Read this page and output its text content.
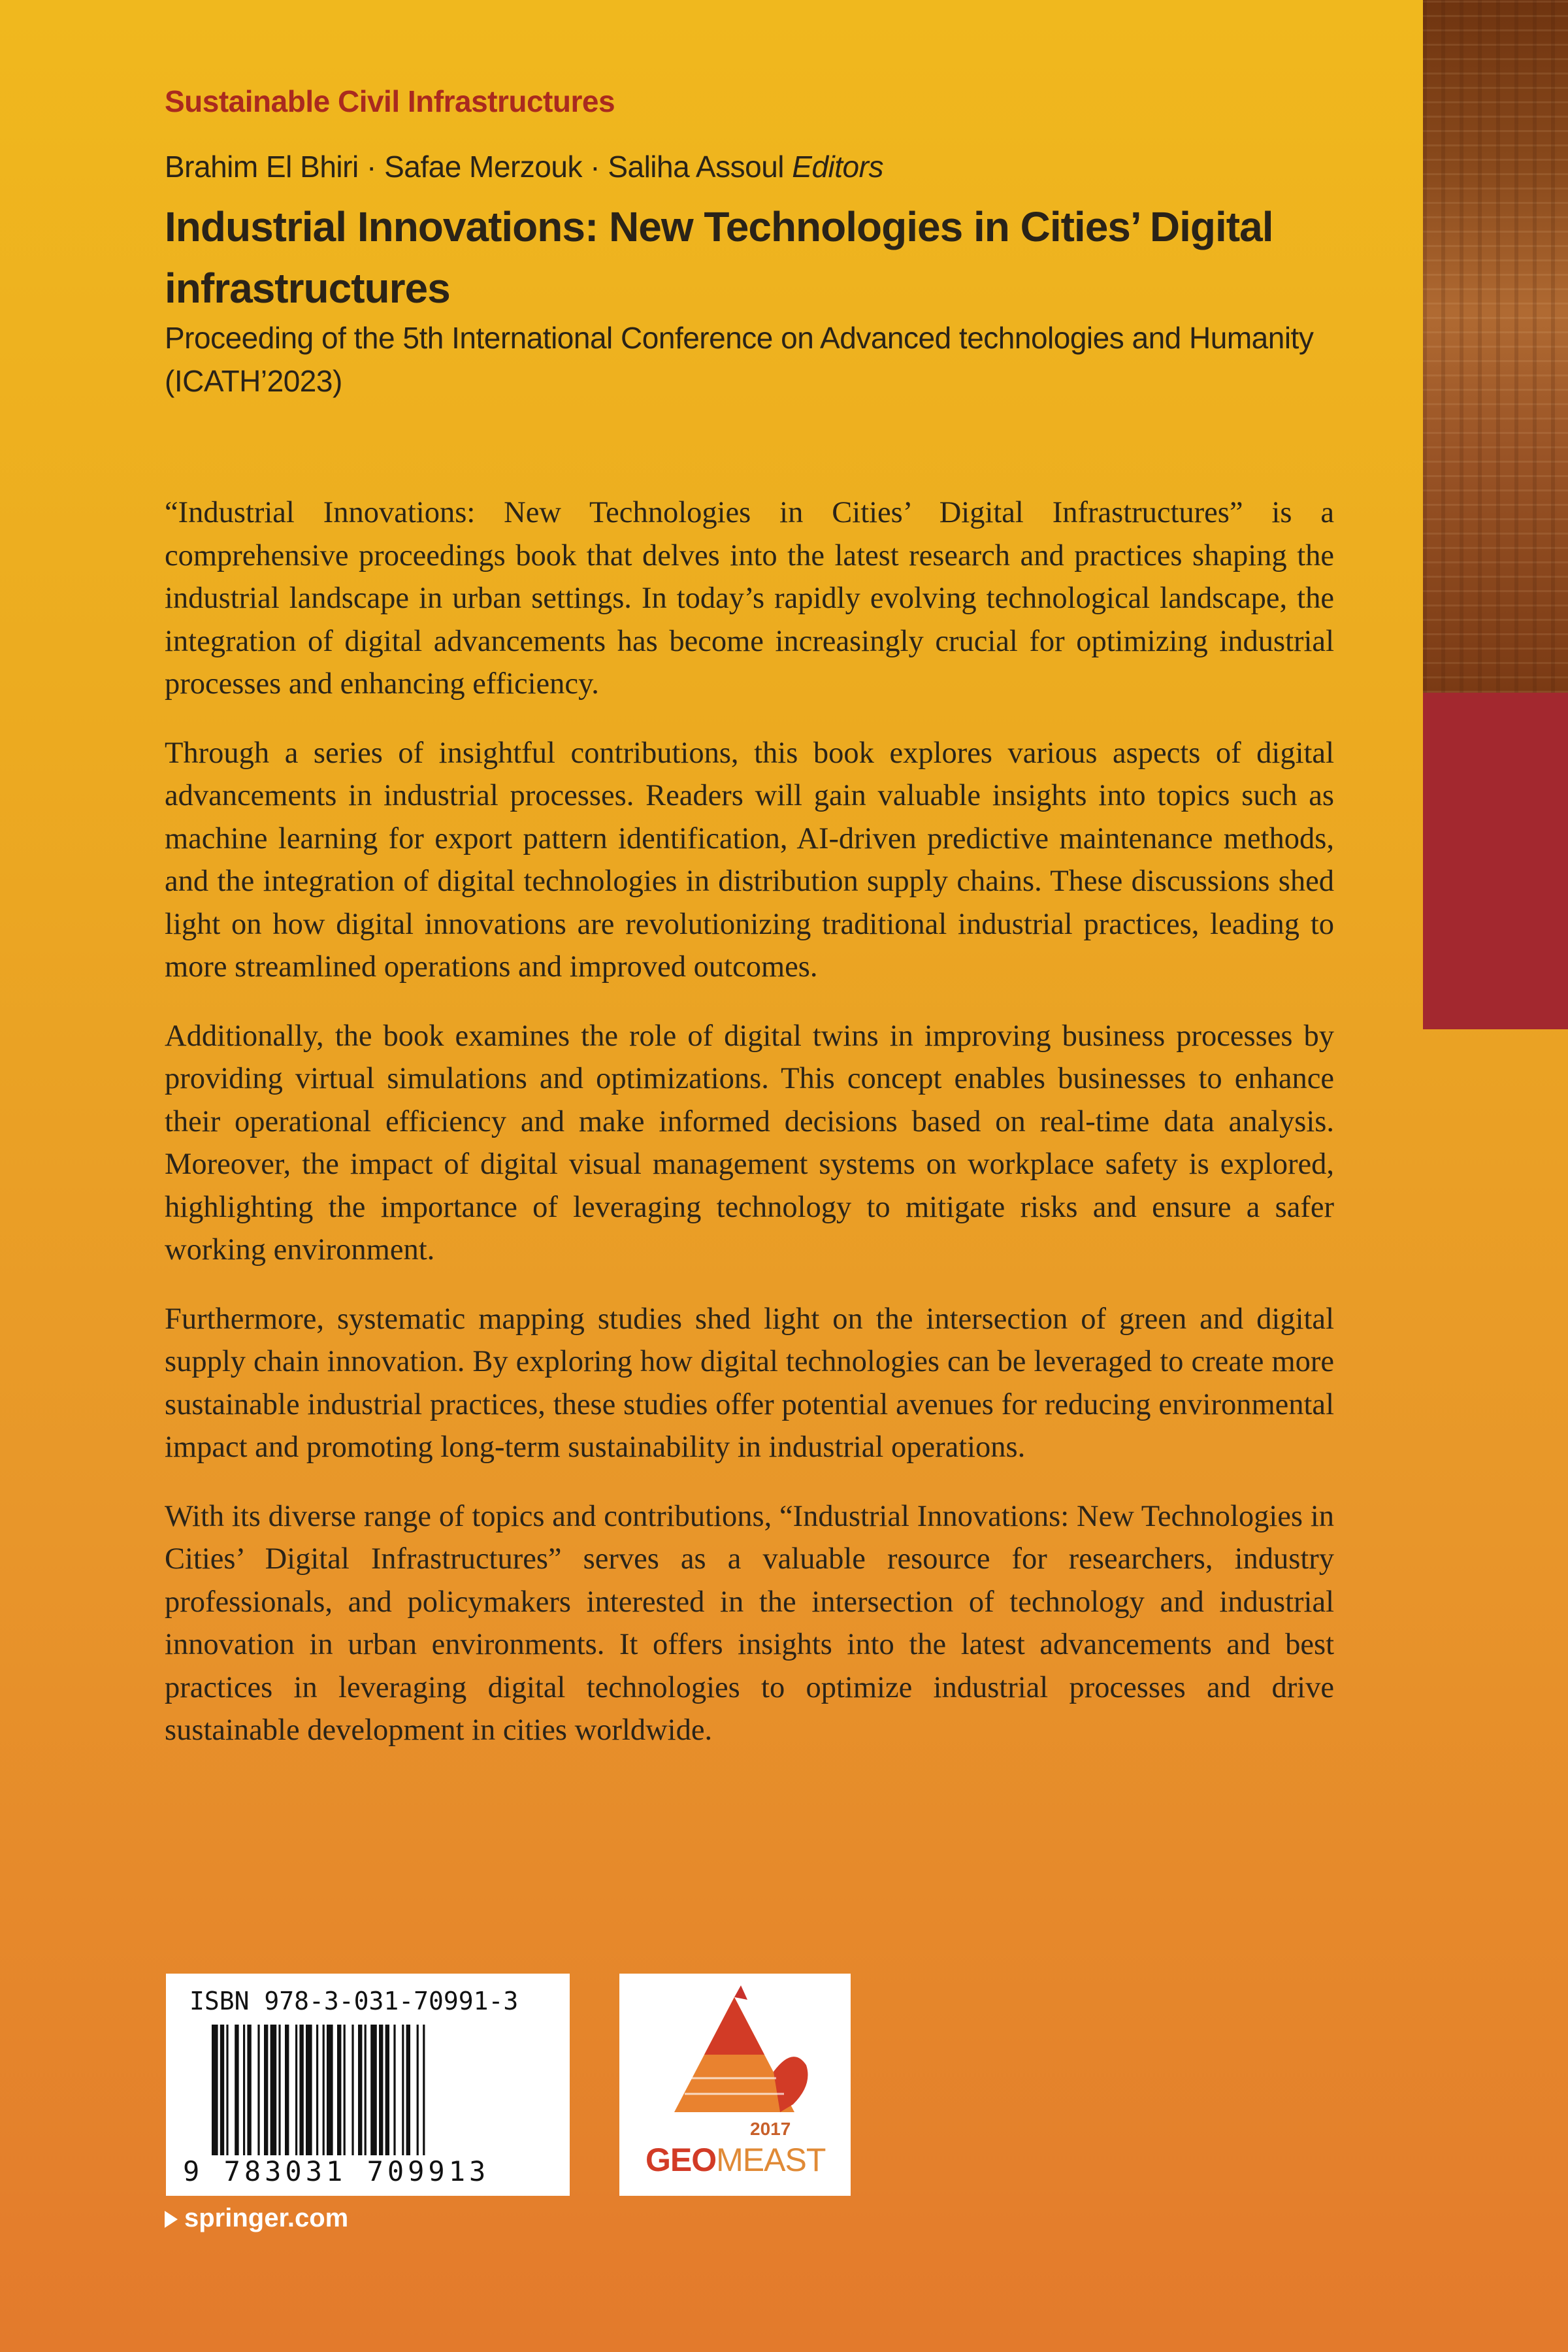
Sustainable Civil Infrastructures
Brahim El Bhiri · Safae Merzouk · Saliha Assoul Editors
Industrial Innovations: New Technologies in Cities’ Digital infrastructures

Proceeding of the 5th International Conference on Advanced technologies and Humanity (ICATH’2023)

“Industrial Innovations: New Technologies in Cities’ Digital Infrastructures” is a comprehensive proceedings book that delves into the latest research and practices shaping the industrial landscape in urban settings. In today’s rapidly evolving technological landscape, the integration of digital advancements has become increasingly crucial for optimizing industrial processes and enhancing efficiency.

Through a series of insightful contributions, this book explores various aspects of digital advancements in industrial processes. Readers will gain valuable insights into topics such as machine learning for export pattern identification, AI-driven predictive maintenance methods, and the integration of digital technologies in distribution supply chains. These discussions shed light on how digital innovations are revolutionizing traditional industrial practices, leading to more streamlined operations and improved outcomes.

Additionally, the book examines the role of digital twins in improving business processes by providing virtual simulations and optimizations. This concept enables businesses to enhance their operational efficiency and make informed decisions based on real-time data analysis. Moreover, the impact of digital visual management systems on workplace safety is explored, highlighting the importance of leveraging technology to mitigate risks and ensure a safer working environment.

Furthermore, systematic mapping studies shed light on the intersection of green and digital supply chain innovation. By exploring how digital technologies can be leveraged to create more sustainable industrial practices, these studies offer potential avenues for reducing environmental impact and promoting long-term sustainability in industrial operations.

With its diverse range of topics and contributions, “Industrial Innovations: New Technologies in Cities’ Digital Infrastructures” serves as a valuable resource for researchers, industry professionals, and policymakers interested in the intersection of technology and industrial innovation in urban environments. It offers insights into the latest advancements and best practices in leveraging digital technologies to optimize industrial processes and drive sustainable development in cities worldwide.

ISBN 978-3-031-70991-3
9 783031 709913
2017
GEOMEAST
springer.com
